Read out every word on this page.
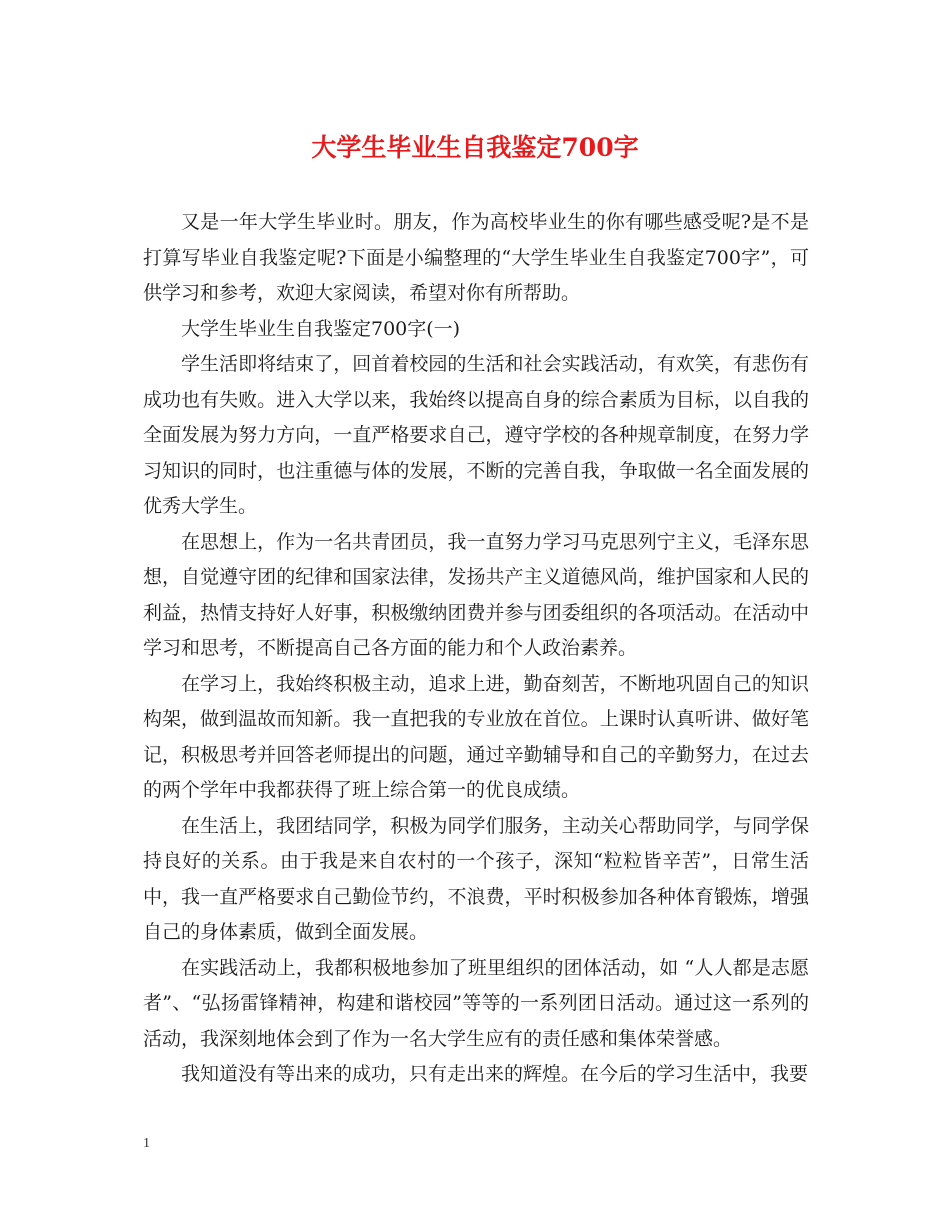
大学生毕业生自我鉴定700字

又是一年大学生毕业时。朋友，作为高校毕业生的你有哪些感受呢?是不是打算写毕业自我鉴定呢?下面是小编整理的“大学生毕业生自我鉴定700字”，可供学习和参考，欢迎大家阅读，希望对你有所帮助。

大学生毕业生自我鉴定700字(一)

学生活即将结束了，回首着校园的生活和社会实践活动，有欢笑，有悲伤有成功也有失败。进入大学以来，我始终以提高自身的综合素质为目标，以自我的全面发展为努力方向，一直严格要求自己，遵守学校的各种规章制度，在努力学习知识的同时，也注重德与体的发展，不断的完善自我，争取做一名全面发展的优秀大学生。

在思想上，作为一名共青团员，我一直努力学习马克思列宁主义，毛泽东思想，自觉遵守团的纪律和国家法律，发扬共产主义道德风尚，维护国家和人民的利益，热情支持好人好事，积极缴纳团费并参与团委组织的各项活动。在活动中学习和思考，不断提高自己各方面的能力和个人政治素养。

在学习上，我始终积极主动，追求上进，勤奋刻苦，不断地巩固自己的知识构架，做到温故而知新。我一直把我的专业放在首位。上课时认真听讲、做好笔记，积极思考并回答老师提出的问题，通过辛勤辅导和自己的辛勤努力，在过去的两个学年中我都获得了班上综合第一的优良成绩。

在生活上，我团结同学，积极为同学们服务，主动关心帮助同学，与同学保持良好的关系。由于我是来自农村的一个孩子，深知“粒粒皆辛苦”，日常生活中，我一直严格要求自己勤俭节约，不浪费，平时积极参加各种体育锻炼，增强自己的身体素质，做到全面发展。

在实践活动上，我都积极地参加了班里组织的团体活动，如 “人人都是志愿者”、“弘扬雷锋精神，构建和谐校园”等等的一系列团日活动。通过这一系列的活动，我深刻地体会到了作为一名大学生应有的责任感和集体荣誉感。

我知道没有等出来的成功，只有走出来的辉煌。在今后的学习生活中，我要

1
